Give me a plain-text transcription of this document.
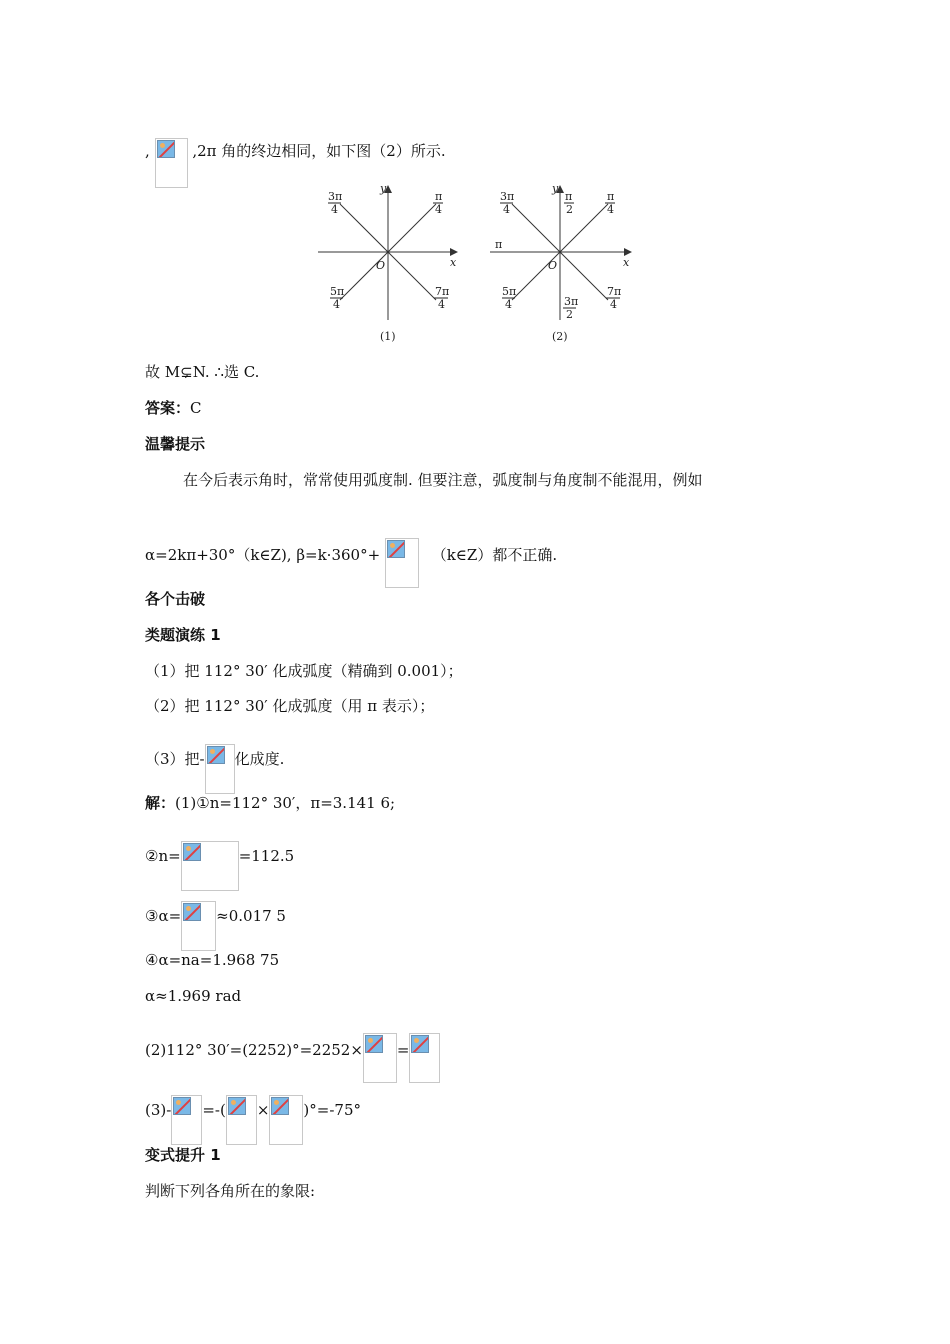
,	,2π 角的终边相同，如下图（2）所示.
x
y
O
3π
4
π
4
5π
4
7π
4
(1)
x
y
O
3π
4
π
2
π
4
π
5π
4	3π
2
7π
4
(2)
故 M⊊N. ∴选 C.
答案：C
温馨提示
在今后表示角时，常常使用弧度制. 但要注意，弧度制与角度制不能混用，例如
α=2kπ+30°（k∈Z), β=k·360°+	（k∈Z）都不正确.
各个击破
类题演练 1
（1）把 112° 30′ 化成弧度（精确到 0.001）；
（2）把 112° 30′ 化成弧度（用 π 表示）；
（3）把- 化成度.
解：(1)①n=112° 30′，π=3.141 6;
②n=	=112.5
③α= ≈0.017 5
④α=na=1.968 75
α≈1.969 rad
(2)112° 30′=(2252)°=2252× =
(3)- =-( × )°=-75°
变式提升 1
判断下列各角所在的象限:
